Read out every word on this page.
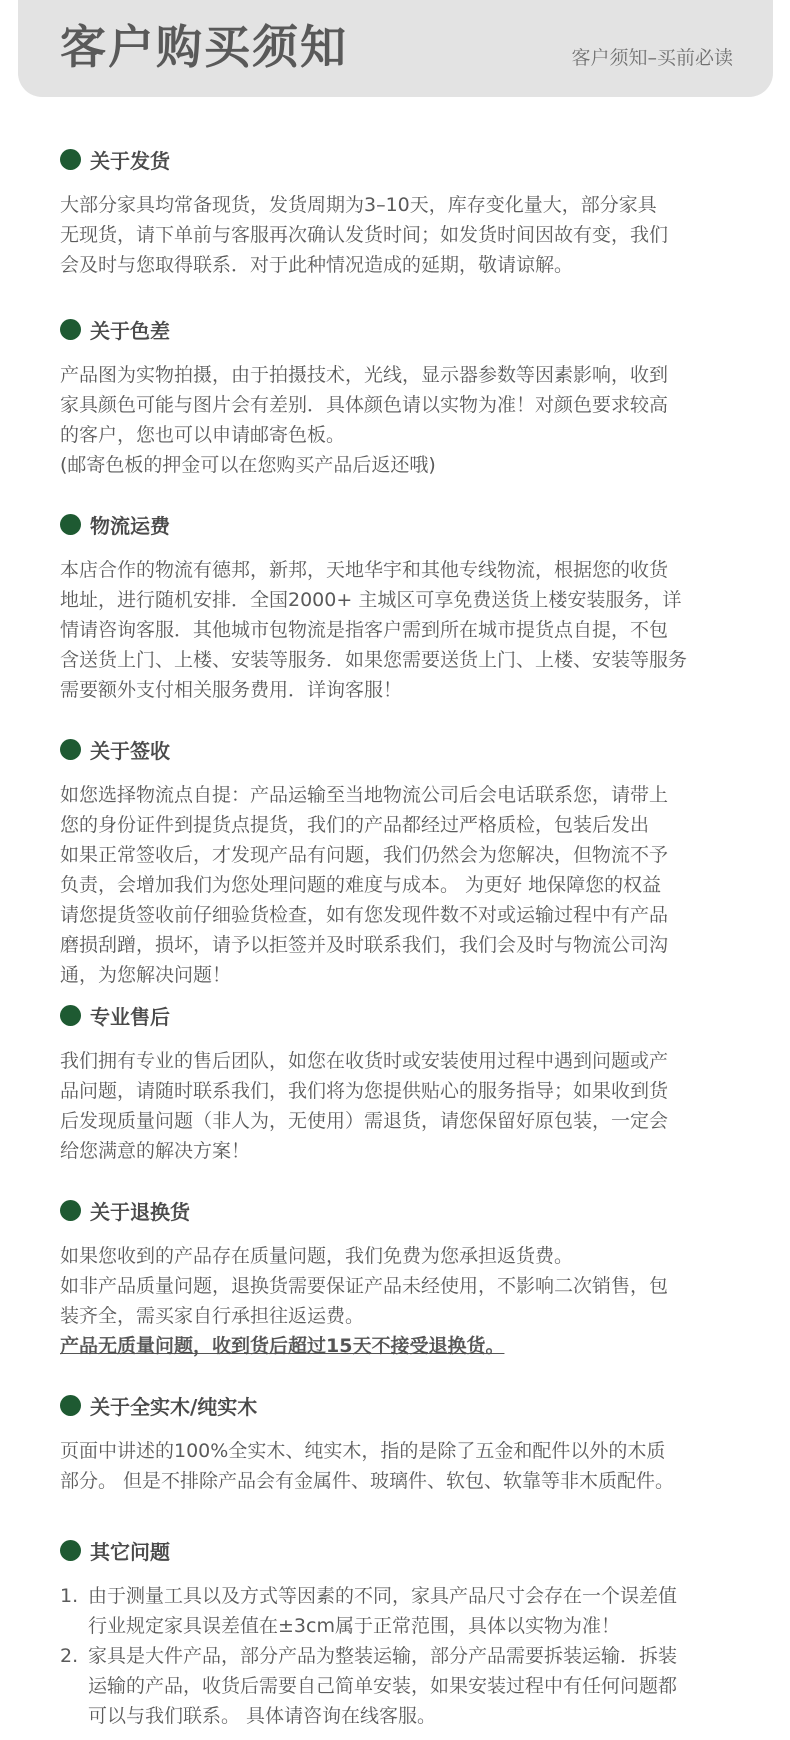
客户购买须知	客户须知–买前必读
关于发货

大部分家具均常备现货，发货周期为3–10天，库存变化量大，部分家具

无现货，请下单前与客服再次确认发货时间；如发货时间因故有变，我们

会及时与您取得联系．对于此种情况造成的延期，敬请谅解。

关于色差

产品图为实物拍摄，由于拍摄技术，光线，显示器参数等因素影响，收到

家具颜色可能与图片会有差别．具体颜色请以实物为准！对颜色要求较高

的客户，您也可以申请邮寄色板。

(邮寄色板的押金可以在您购买产品后返还哦)

物流运费

本店合作的物流有德邦，新邦，天地华宇和其他专线物流，根据您的收货

地址，进行随机安排．全国2000+ 主城区可享免费送货上楼安装服务，详

情请咨询客服．其他城市包物流是指客户需到所在城市提货点自提，不包

含送货上门、上楼、安装等服务．如果您需要送货上门、上楼、安装等服务

需要额外支付相关服务费用．详询客服！

关于签收

如您选择物流点自提：产品运输至当地物流公司后会电话联系您，请带上

您的身份证件到提货点提货，我们的产品都经过严格质检，包装后发出

如果正常签收后，才发现产品有问题，我们仍然会为您解决，但物流不予

负责，会增加我们为您处理问题的难度与成本。 为更好 地保障您的权益

请您提货签收前仔细验货检查，如有您发现件数不对或运输过程中有产品

磨损刮蹭，损坏，请予以拒签并及时联系我们，我们会及时与物流公司沟

通，为您解决问题！

专业售后

我们拥有专业的售后团队，如您在收货时或安装使用过程中遇到问题或产

品问题，请随时联系我们，我们将为您提供贴心的服务指导；如果收到货

后发现质量问题（非人为，无使用）需退货，请您保留好原包装，一定会

给您满意的解决方案！

关于退换货

如果您收到的产品存在质量问题，我们免费为您承担返货费。

如非产品质量问题，退换货需要保证产品未经使用，不影响二次销售，包

装齐全，需买家自行承担往返运费。

产品无质量问题，收到货后超过15天不接受退换货。

关于全实木/纯实木

页面中讲述的100%全实木、纯实木，指的是除了五金和配件以外的木质

部分。 但是不排除产品会有金属件、玻璃件、软包、软靠等非木质配件。

其它问题
1. 由于测量工具以及方式等因素的不同，家具产品尺寸会存在一个误差值
行业规定家具误差值在±3cm属于正常范围，具体以实物为准！
2. 家具是大件产品，部分产品为整装运输，部分产品需要拆装运输．拆装
运输的产品，收货后需要自己简单安装，如果安装过程中有任何问题都
可以与我们联系。 具体请咨询在线客服。
